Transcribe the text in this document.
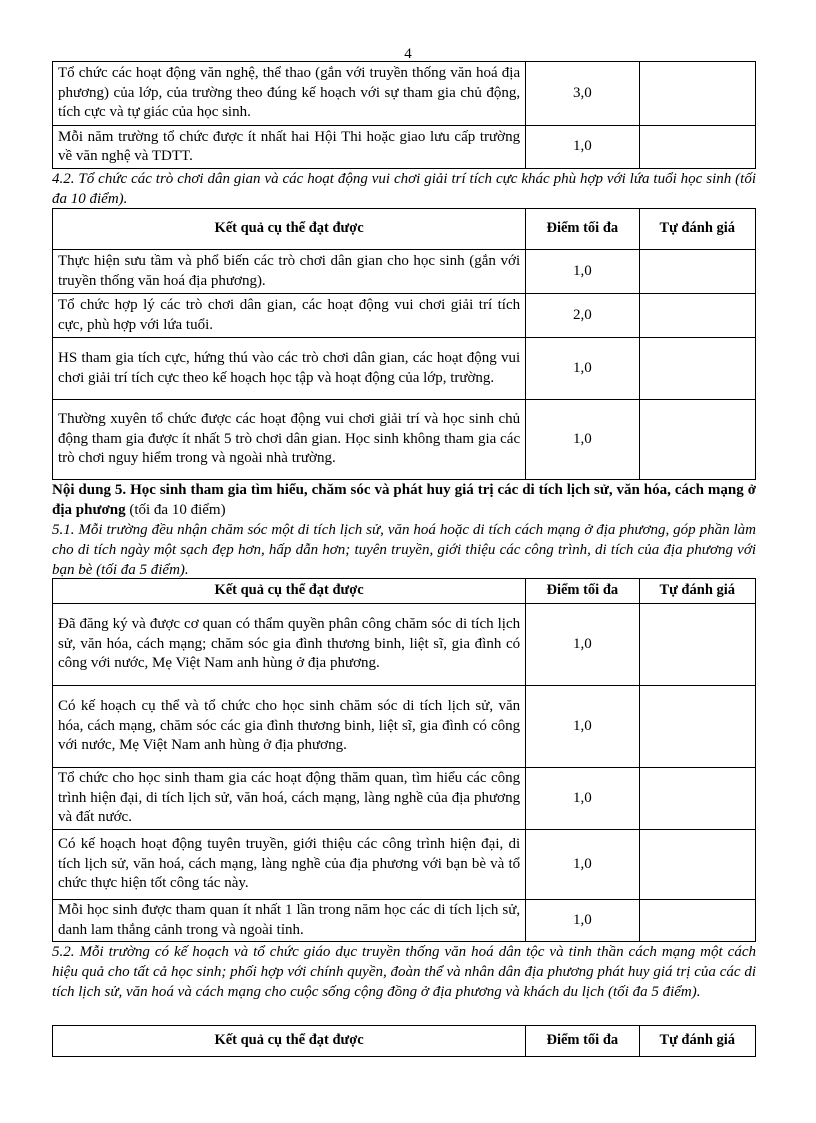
4
Tổ chức các hoạt động văn nghệ, thể thao (gắn với truyền thống văn hoá địa phương) của lớp, của trường theo đúng kế hoạch với sự tham gia chủ động, tích cực và tự giác của học sinh.	3,0	
Mỗi năm trường tổ chức được ít nhất hai Hội Thi hoặc giao lưu cấp trường về văn nghệ và TDTT.	1,0	

4.2. Tổ chức các trò chơi dân gian và các hoạt động vui chơi giải trí tích cực khác phù hợp với lứa tuổi học sinh (tối đa 10 điểm).

Kết quả cụ thể đạt được	Điểm tối đa	Tự đánh giá
Thực hiện sưu tầm và phổ biến các trò chơi dân gian cho học sinh (gắn với truyền thống văn hoá địa phương).	1,0	
Tổ chức hợp lý các trò chơi dân gian, các hoạt động vui chơi giải trí tích cực, phù hợp với lứa tuổi.	2,0	
HS tham gia tích cực, hứng thú vào các trò chơi dân gian, các hoạt động vui chơi giải trí tích cực theo kế hoạch học tập và hoạt động của lớp, trường.	1,0	
Thường xuyên tổ chức được các hoạt động vui chơi giải trí và học sinh chủ động tham gia được ít nhất 5 trò chơi dân gian. Học sinh không tham gia các trò chơi nguy hiểm trong và ngoài nhà trường.	1,0	

Nội dung 5. Học sinh tham gia tìm hiểu, chăm sóc và phát huy giá trị các di tích lịch sử, văn hóa, cách mạng ở địa phương (tối đa 10 điểm)

5.1. Mỗi trường đều nhận chăm sóc một di tích lịch sử, văn hoá hoặc di tích cách mạng ở địa phương, góp phần làm cho di tích ngày một sạch đẹp hơn, hấp dẫn hơn; tuyên truyền, giới thiệu các công trình, di tích của địa phương với bạn bè (tối đa 5 điểm).

Kết quả cụ thể đạt được	Điểm tối đa	Tự đánh giá
Đã đăng ký và được cơ quan có thẩm quyền phân công chăm sóc di tích lịch sử, văn hóa, cách mạng; chăm sóc gia đình thương binh, liệt sĩ, gia đình có công với nước, Mẹ Việt Nam anh hùng ở địa phương.	1,0	
Có kế hoạch cụ thể và tổ chức cho học sinh chăm sóc di tích lịch sử, văn hóa, cách mạng, chăm sóc các gia đình thương binh, liệt sĩ, gia đình có công với nước, Mẹ Việt Nam anh hùng ở địa phương.	1,0	
Tổ chức cho học sinh tham gia các hoạt động thăm quan, tìm hiểu các công trình hiện đại, di tích lịch sử, văn hoá, cách mạng, làng nghề của địa phương và đất nước.	1,0	
Có kế hoạch hoạt động tuyên truyền, giới thiệu các công trình hiện đại, di tích lịch sử, văn hoá, cách mạng, làng nghề của địa phương với bạn bè và tổ chức thực hiện tốt công tác này.	1,0	
Mỗi học sinh được tham quan ít nhất 1 lần trong năm học các di tích lịch sử, danh lam thắng cảnh trong và ngoài tỉnh.	1,0	

5.2. Mỗi trường có kế hoạch và tổ chức giáo dục truyền thống văn hoá dân tộc và tinh thần cách mạng một cách hiệu quả cho tất cả học sinh; phối hợp với chính quyền, đoàn thể và nhân dân địa phương phát huy giá trị của các di tích lịch sử, văn hoá và cách mạng cho cuộc sống cộng đồng ở địa phương và khách du lịch (tối đa 5 điểm).

Kết quả cụ thể đạt được	Điểm tối đa	Tự đánh giá
